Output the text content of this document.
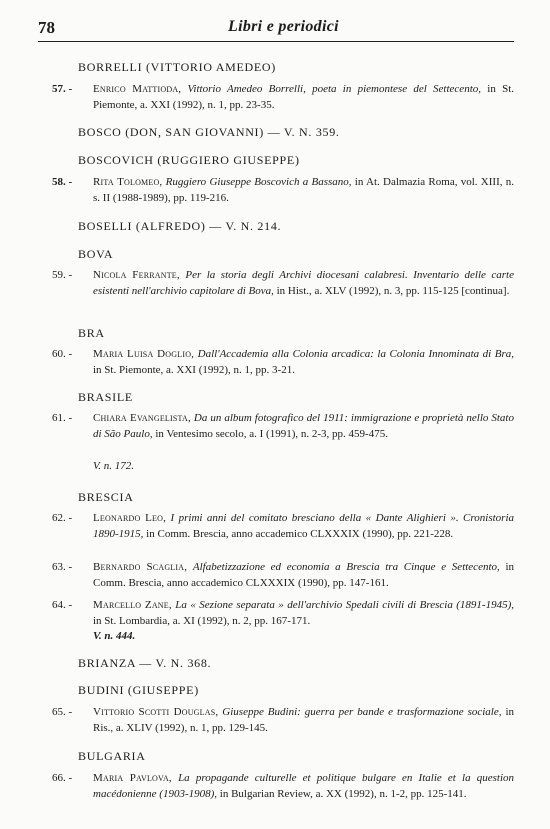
78	Libri e periodici
BORRELLI (VITTORIO AMEDEO)
BOSCO (DON, SAN GIOVANNI) — V. N. 359.
BOSCOVICH (RUGGIERO GIUSEPPE)
BOSELLI (ALFREDO) — V. N. 214.
BOVA
BRA
BRASILE
BRESCIA
BRIANZA — V. N. 368.
BUDINI (GIUSEPPE)
BULGARIA
57. - Enrico Mattioda, Vittorio Amedeo Borrelli, poeta in piemontese del Settecento, in St. Piemonte, a. XXI (1992), n. 1, pp. 23-35.
58. - Rita Tolomeo, Ruggiero Giuseppe Boscovich a Bassano, in At. Dalmazia Roma, vol. XIII, n. s. II (1988-1989), pp. 119-216.
59. - Nicola Ferrante, Per la storia degli Archivi diocesani calabresi. Inventario delle carte esistenti nell'archivio capitolare di Bova, in Hist., a. XLV (1992), n. 3, pp. 115-125 [continua].
60. - Maria Luisa Doglio, Dall'Accademia alla Colonia arcadica: la Colonia Innominata di Bra, in St. Piemonte, a. XXI (1992), n. 1, pp. 3-21.
61. - Chiara Evangelista, Da un album fotografico del 1911: immigrazione e proprietà nello Stato di São Paulo, in Ventesimo secolo, a. I (1991), n. 2-3, pp. 459-475.
V. n. 172.
62. - Leonardo Leo, I primi anni del comitato bresciano della « Dante Alighieri ». Cronistoria 1890-1915, in Comm. Brescia, anno accademico CLXXXIX (1990), pp. 221-228.
63. - Bernardo Scaglia, Alfabetizzazione ed economia a Brescia tra Cinque e Settecento, in Comm. Brescia, anno accademico CLXXXIX (1990), pp. 147-161.
64. - Marcello Zane, La « Sezione separata » dell'archivio Spedali civili di Brescia (1891-1945), in St. Lombardia, a. XI (1992), n. 2, pp. 167-171.
V. n. 444.
65. - Vittorio Scotti Douglas, Giuseppe Budini: guerra per bande e trasformazione sociale, in Ris., a. XLIV (1992), n. 1, pp. 129-145.
66. - Maria Pavlova, La propagande culturelle et politique bulgare en Italie et la question macédonienne (1903-1908), in Bulgarian Review, a. XX (1992), n. 1-2, pp. 125-141.
